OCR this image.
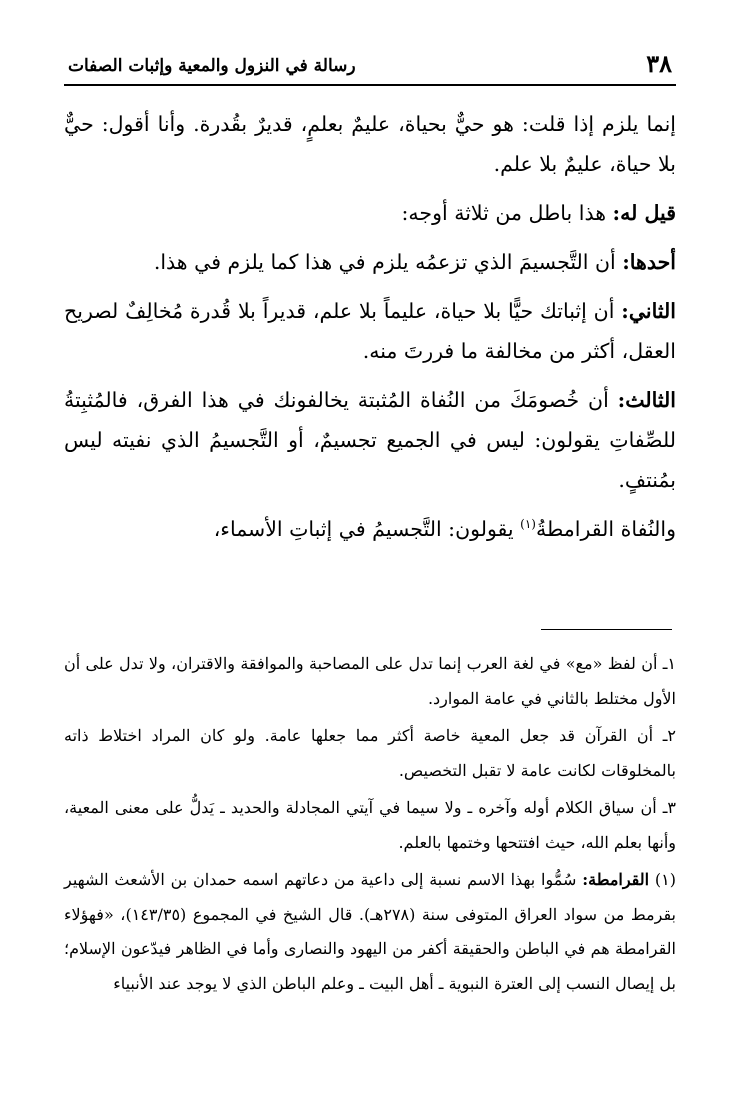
٣٨
رسالة في النزول والمعية وإثبات الصفات

إنما يلزم إذا قلت: هو حيٌّ بحياة، عليمٌ بعلمٍ، قديرٌ بقُدرة. وأنا أقول: حيٌّ بلا حياة، عليمٌ بلا علم.

قيل له: هذا باطل من ثلاثة أوجه:

أحدها: أن التَّجسيمَ الذي تزعمُه يلزم في هذا كما يلزم في هذا.

الثاني: أن إثباتك حيًّا بلا حياة، عليماً بلا علم، قديراً بلا قُدرة مُخالِفٌ لصريح العقل، أكثر من مخالفة ما فررتَ منه.

الثالث: أن خُصومَكَ من النُفاة المُثبتة يخالفونك في هذا الفرق، فالمُثبِتةُ للصِّفاتِ يقولون: ليس في الجميع تجسيمٌ، أو التَّجسيمُ الذي نفيته ليس بمُنتفٍ.

والنُفاة القرامطةُ$^{(١)}$ يقولون: التَّجسيمُ في إثباتِ الأسماء،

١ـ أن لفظ «مع» في لغة العرب إنما تدل على المصاحبة والموافقة والاقتران، ولا تدل على أن الأول مختلط بالثاني في عامة الموارد.

٢ـ أن القرآن قد جعل المعية خاصة أكثر مما جعلها عامة. ولو كان المراد اختلاط ذاته بالمخلوقات لكانت عامة لا تقبل التخصيص.

٣ـ أن سياق الكلام أوله وآخره ـ ولا سيما في آيتي المجادلة والحديد ـ يَدلُّ على معنى المعية، وأنها بعلم الله، حيث افتتحها وختمها بالعلم.

(١) القرامطة: سُمُّوا بهذا الاسم نسبة إلى داعية من دعاتهم اسمه حمدان بن الأشعث الشهير بقرمط من سواد العراق المتوفى سنة (٢٧٨هـ). قال الشيخ في المجموع (١٤٣/٣٥)، «فهؤلاء القرامطة هم في الباطن والحقيقة أكفر من اليهود والنصارى وأما في الظاهر فيدّعون الإسلام؛ بل إيصال النسب إلى العترة النبوية ـ أهل البيت ـ وعلم الباطن الذي لا يوجد عند الأنبياء
